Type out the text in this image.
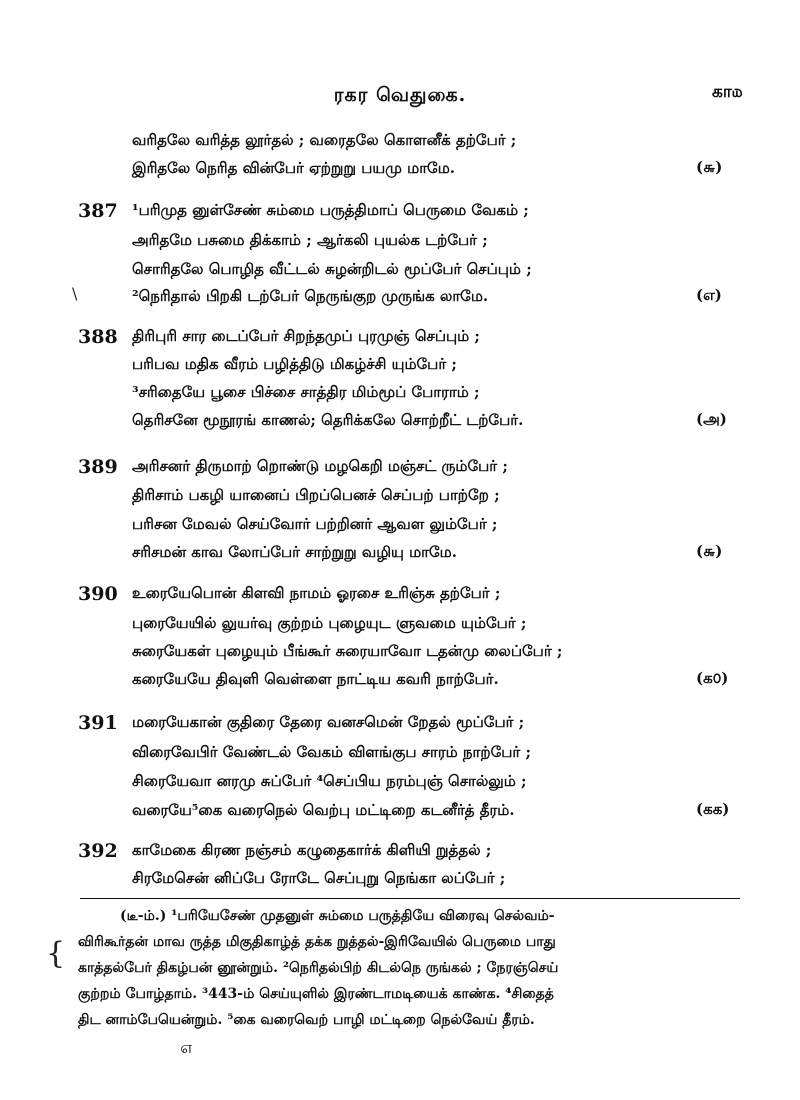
ரகர வெதுகை.	கா௰
வரிதலே வரித்த லூர்தல் ; வரைதலே கொளனீக் தற்பேர் ;
இரிதலே நெரித வின்பேர் ஏற்றுறு பயமு மாமே.	(௬)
387 ¹பரிமுத னுள்சேண் சும்மை பருத்திமாப் பெருமை வேகம் ;
அரிதமே பசுமை திக்காம் ; ஆர்கலி புயல்க டற்பேர் ;
சொரிதலே பொழித வீட்டல் சுழன்றிடல் மூப்பேர் செப்பும் ;
²நெரிதால் பிறகி டற்பேர் நெருங்குற முருங்க லாமே.	(எ)
388 திரிபுரி சார டைப்பேர் சிறந்தமுப் புரமுஞ் செப்பும் ;
பரிபவ மதிக வீரம் பழித்திடு மிகழ்ச்சி யும்பேர் ;
³சரிதையே பூசை பிச்சை சாத்திர மிம்மூப் போராம் ;
தெரிசனே மூநூரங் காணல்; தெரிக்கலே சொற்றீட் டற்பேர்.	(அ)
389 அரிசனர் திருமாற் றொண்டு மழகெறி மஞ்சட் ரும்பேர் ;
திரிசாம் பகழி யானைப் பிறப்பெனச் செப்பற் பாற்றே ;
பரிசன மேவல் செய்வோர் பற்றினர் ஆவள லும்பேர் ;
சரிசமன் காவ லோப்பேர் சாற்றுறு வழியு மாமே.	(௬)
390 உரையேபொன் கிளவி நாமம் ஓரசை உரிஞ்சு தற்பேர் ;
புரையேயில் லுயர்வு குற்றம் புழையுட ளுவமை யும்பேர் ;
சுரையேகள் புழையும் பீங்கூர் சுரையாவோ டதன்மு லைப்பேர் ;
கரையேயே திவுளி வெள்ளை நாட்டிய கவரி நாற்பேர்.	(க௦)
391 மரையேகான் குதிரை தேரை வனசமென் றேதல் மூப்பேர் ;
விரைவேபிர் வேண்டல் வேகம் விளங்குப சாரம் நாற்பேர் ;
சிரையேவா னரமு சுப்பேர் ⁴செப்பிய நரம்புஞ் சொல்லும் ;
வரையே⁵கை வரைநெல் வெற்பு மட்டிறை கடனீர்த் தீரம்.	(கக)
392 காமேகை கிரண நஞ்சம் கழுதைகார்க் கிளியி றுத்தல் ;
சிரமேசென் னிப்பே ரோடே செப்புறு நெங்கா லப்பேர் ;
(டீ-ம்.) ¹பரியேசேண் முதனுள் சும்மை பருத்தியே விரைவு செல்வம்-
விரிகூர்தன் மாவ ருத்த மிகுதிகாழ்த் தக்க றுத்தல்-இரிவேயில் பெருமை பாது
காத்தல்பேர் திகழ்பன் னூன்றும். ²நெரிதல்பிற் கிடல்நெ ருங்கல் ; நேரஞ்செய்
குற்றம் போழ்தாம். ³443-ம் செய்யுளில் இரண்டாமடியைக் காண்க. ⁴சிதைத்
திட னாம்பேயென்றும். ⁵கை வரைவெற் பாழி மட்டிறை நெல்வேய் தீரம்.
௭
{
\
